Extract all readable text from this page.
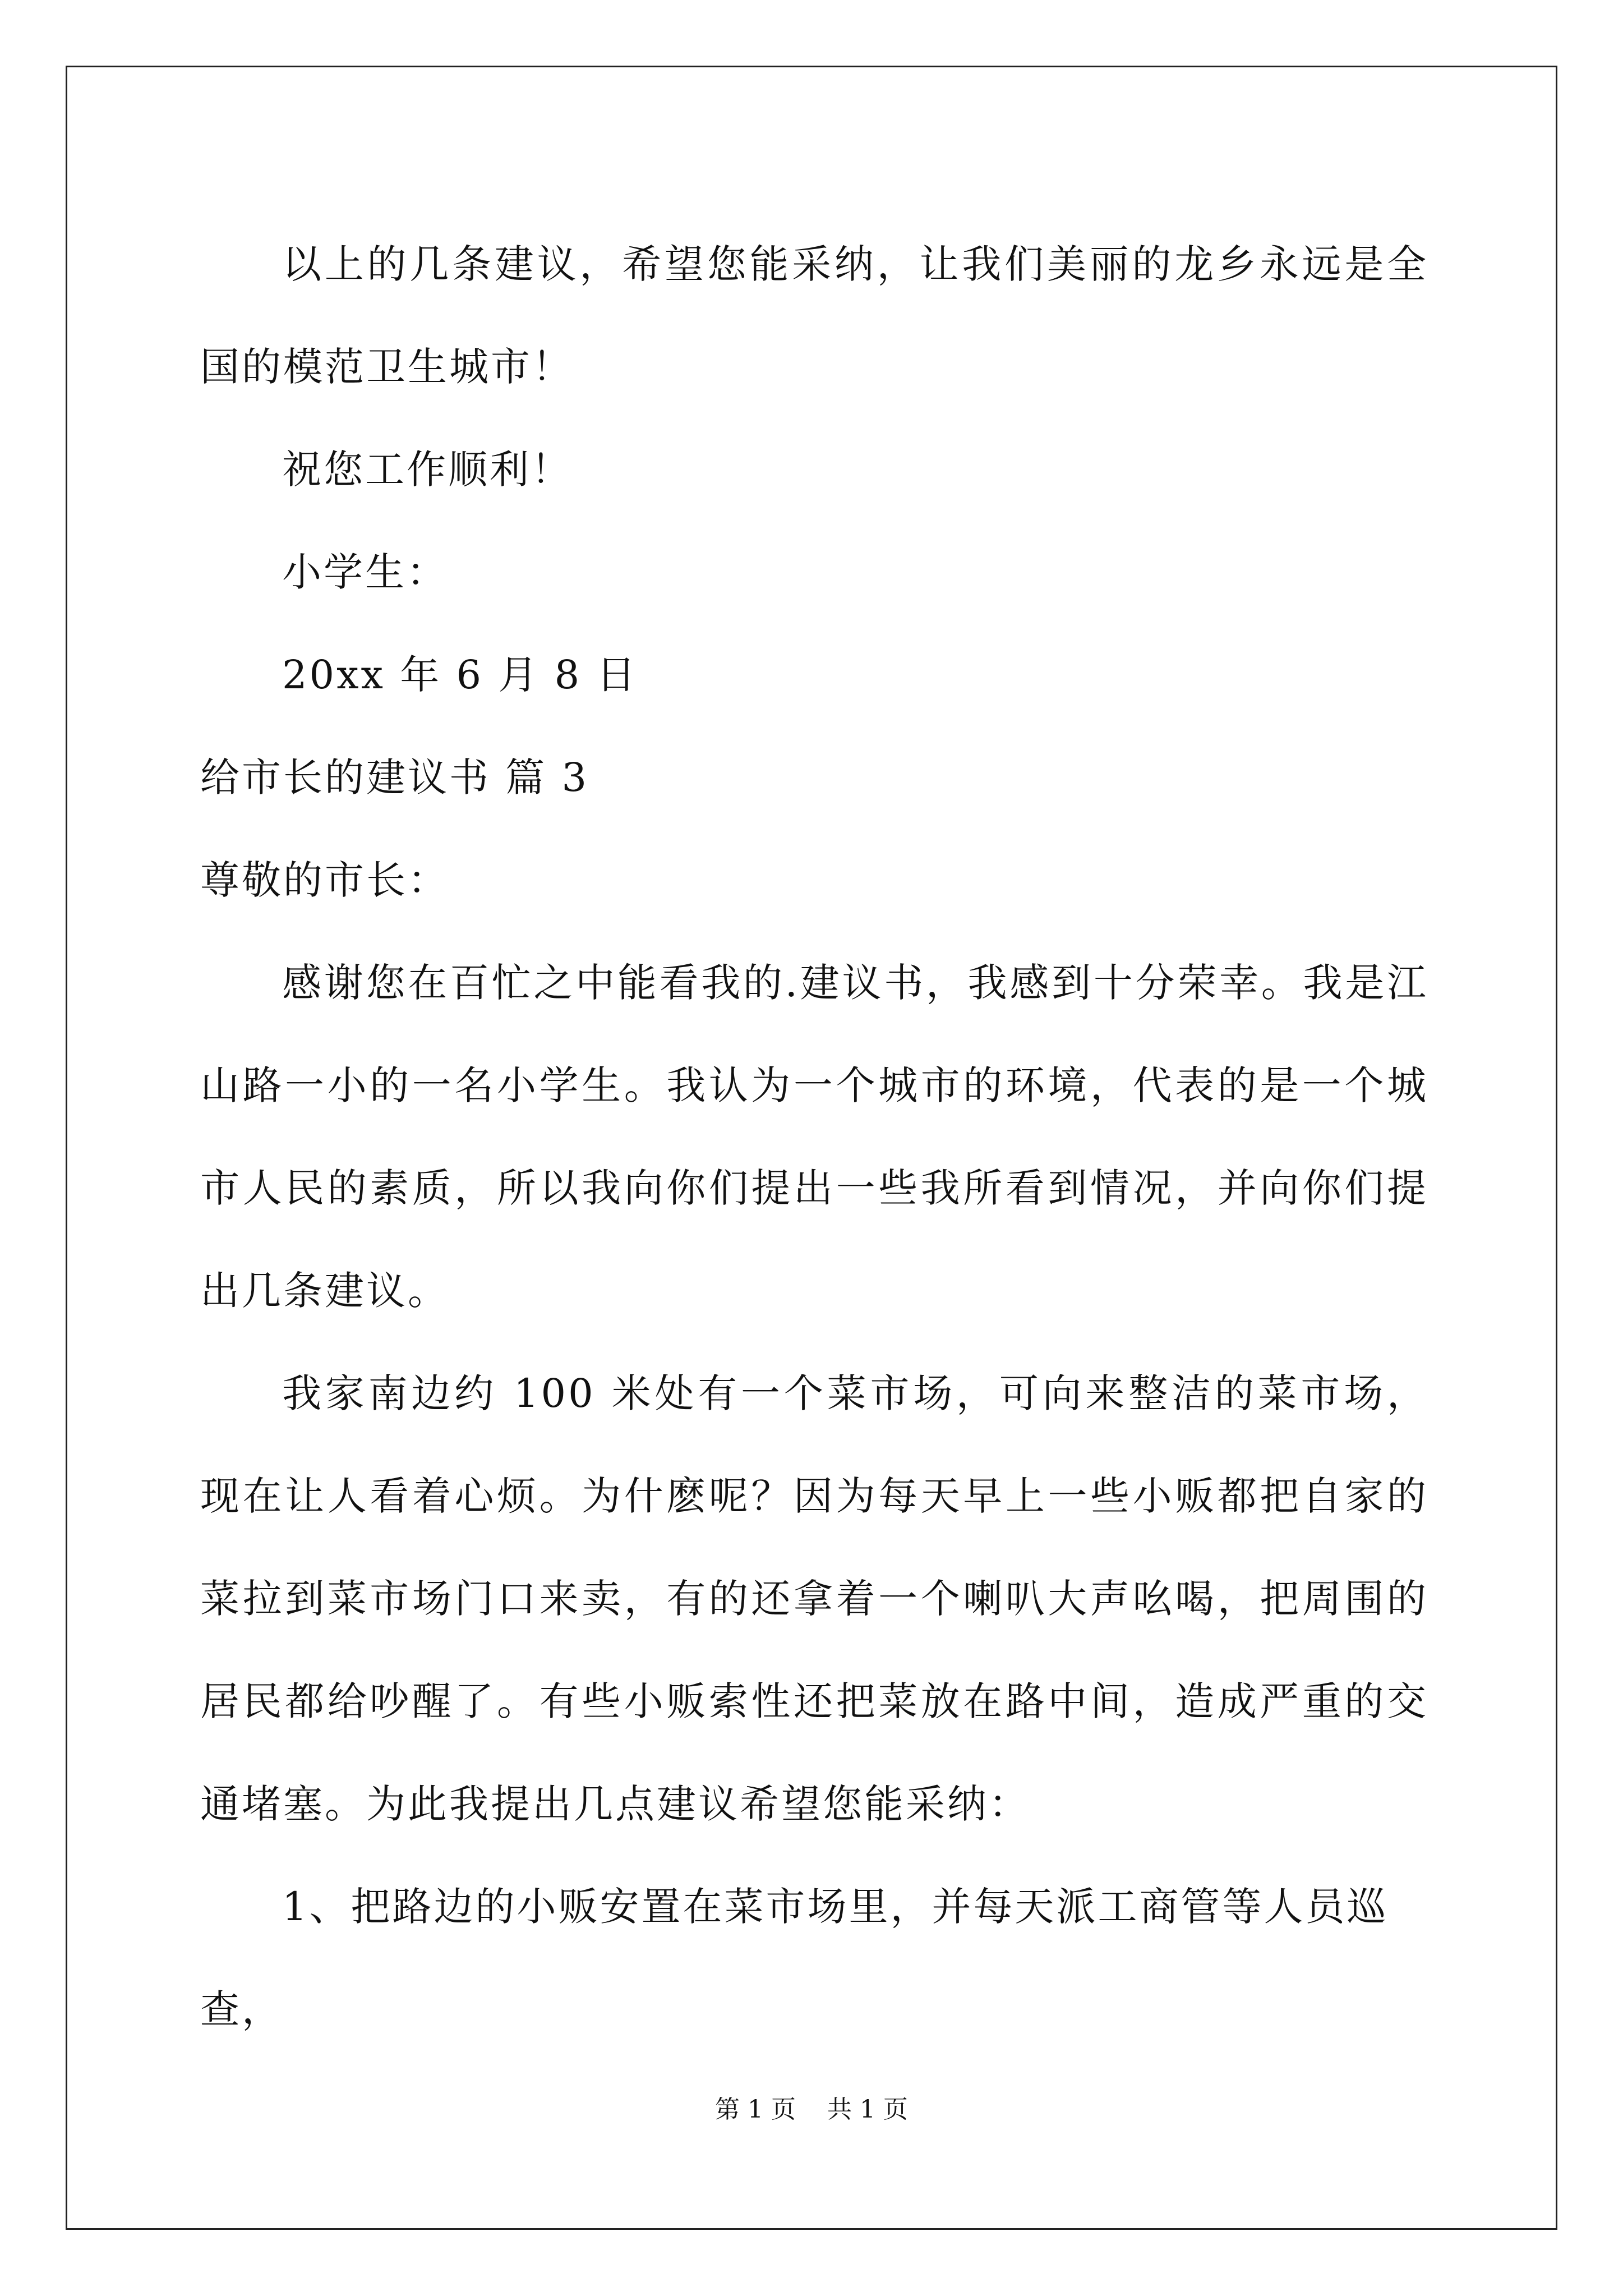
以上的几条建议，希望您能采纳，让我们美丽的龙乡永远是全国的模范卫生城市！

祝您工作顺利！

小学生：

20xx 年 6 月 8 日

给市长的建议书 篇 3

尊敬的市长：

感谢您在百忙之中能看我的.建议书，我感到十分荣幸。我是江山路一小的一名小学生。我认为一个城市的环境，代表的是一个城市人民的素质，所以我向你们提出一些我所看到情况，并向你们提出几条建议。

我家南边约 100 米处有一个菜市场，可向来整洁的菜市场，现在让人看着心烦。为什麽呢？因为每天早上一些小贩都把自家的菜拉到菜市场门口来卖，有的还拿着一个喇叭大声吆喝，把周围的居民都给吵醒了。有些小贩索性还把菜放在路中间，造成严重的交通堵塞。为此我提出几点建议希望您能采纳：

1、把路边的小贩安置在菜市场里，并每天派工商管等人员巡查，

第 1 页    共 1 页
